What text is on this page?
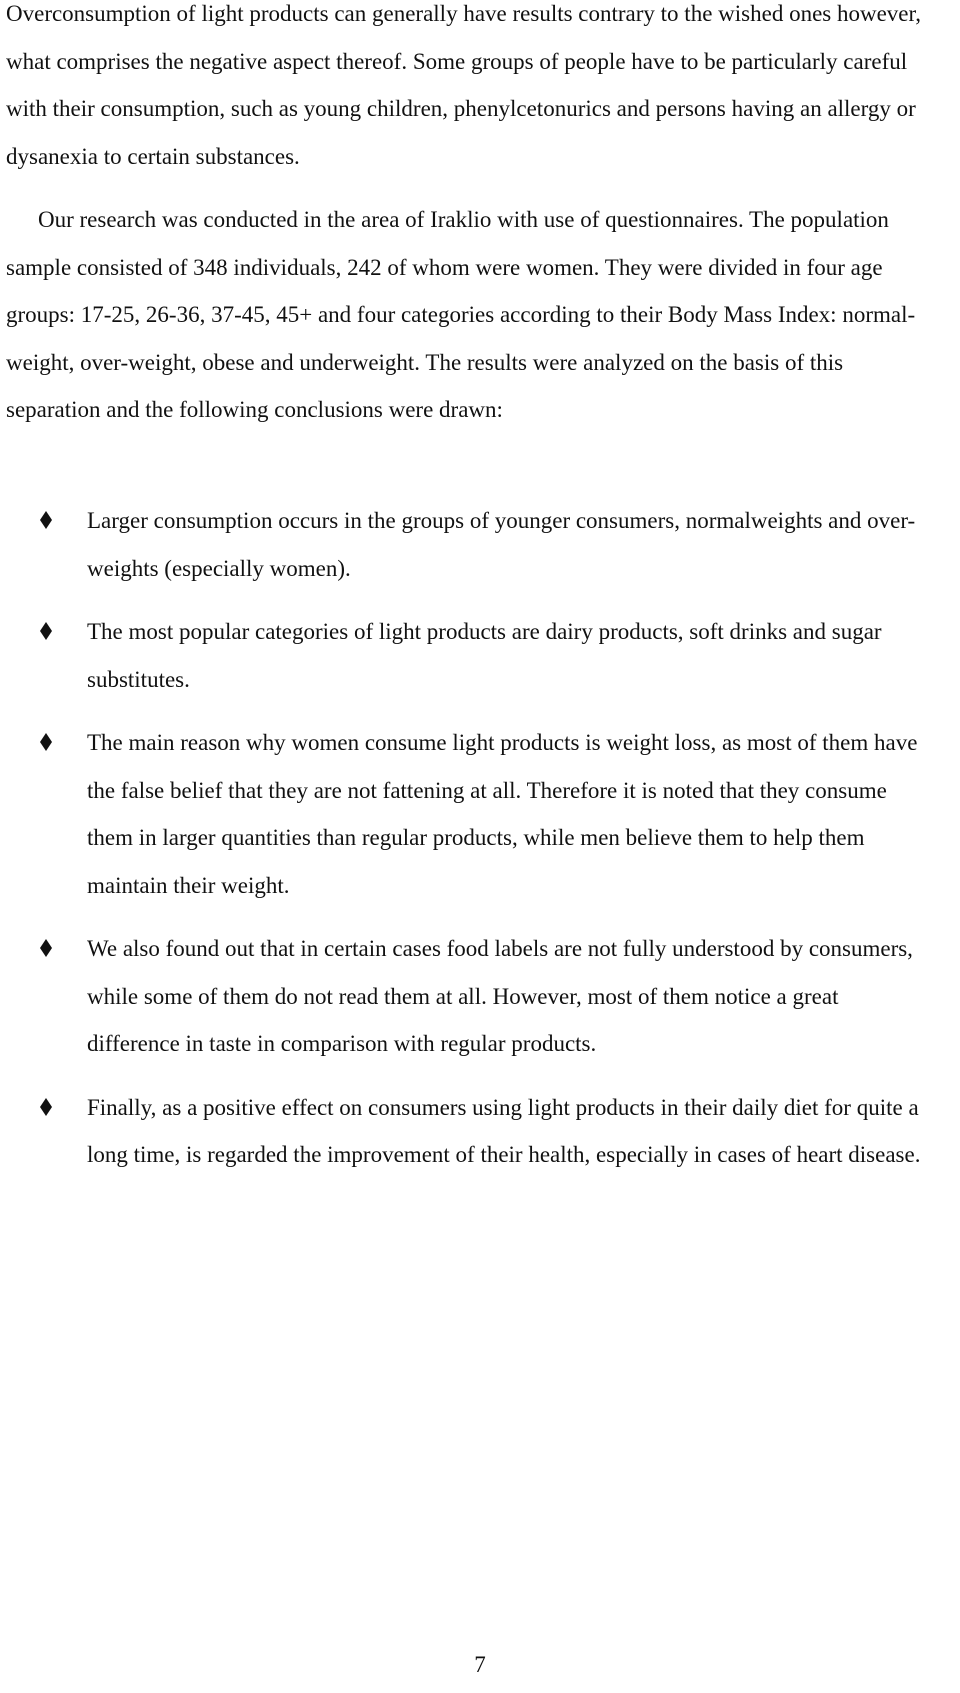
Overconsumption of light products can generally have results contrary to the wished ones however, what comprises the negative aspect thereof. Some groups of people have to be particularly careful with their consumption, such as young children, phenylcetonurics and persons having an allergy or dysanexia to certain substances.

Our research was conducted in the area of Iraklio with use of questionnaires. The population sample consisted of 348 individuals, 242 of whom were women. They were divided in four age groups: 17-25, 26-36, 37-45, 45+ and four categories according to their Body Mass Index: normal- weight, over-weight, obese and underweight. The results were analyzed on the basis of this separation and the following conclusions were drawn:

Larger consumption occurs in the groups of younger consumers, normalweights and over-weights (especially women).
The most popular categories of light products are dairy products, soft drinks and sugar substitutes.
The main reason why women consume light products is weight loss, as most of them have the false belief that they are not fattening at all. Therefore it is noted that they consume them in larger quantities than regular products, while men believe them to help them maintain their weight.
We also found out that in certain cases food labels are not fully understood by consumers, while some of them do not read them at all. However, most of them notice a great difference in taste in comparison with regular products.
Finally, as a positive effect on consumers using light products in their daily diet for quite a long time, is regarded the improvement of their health, especially in cases of heart disease.
7
